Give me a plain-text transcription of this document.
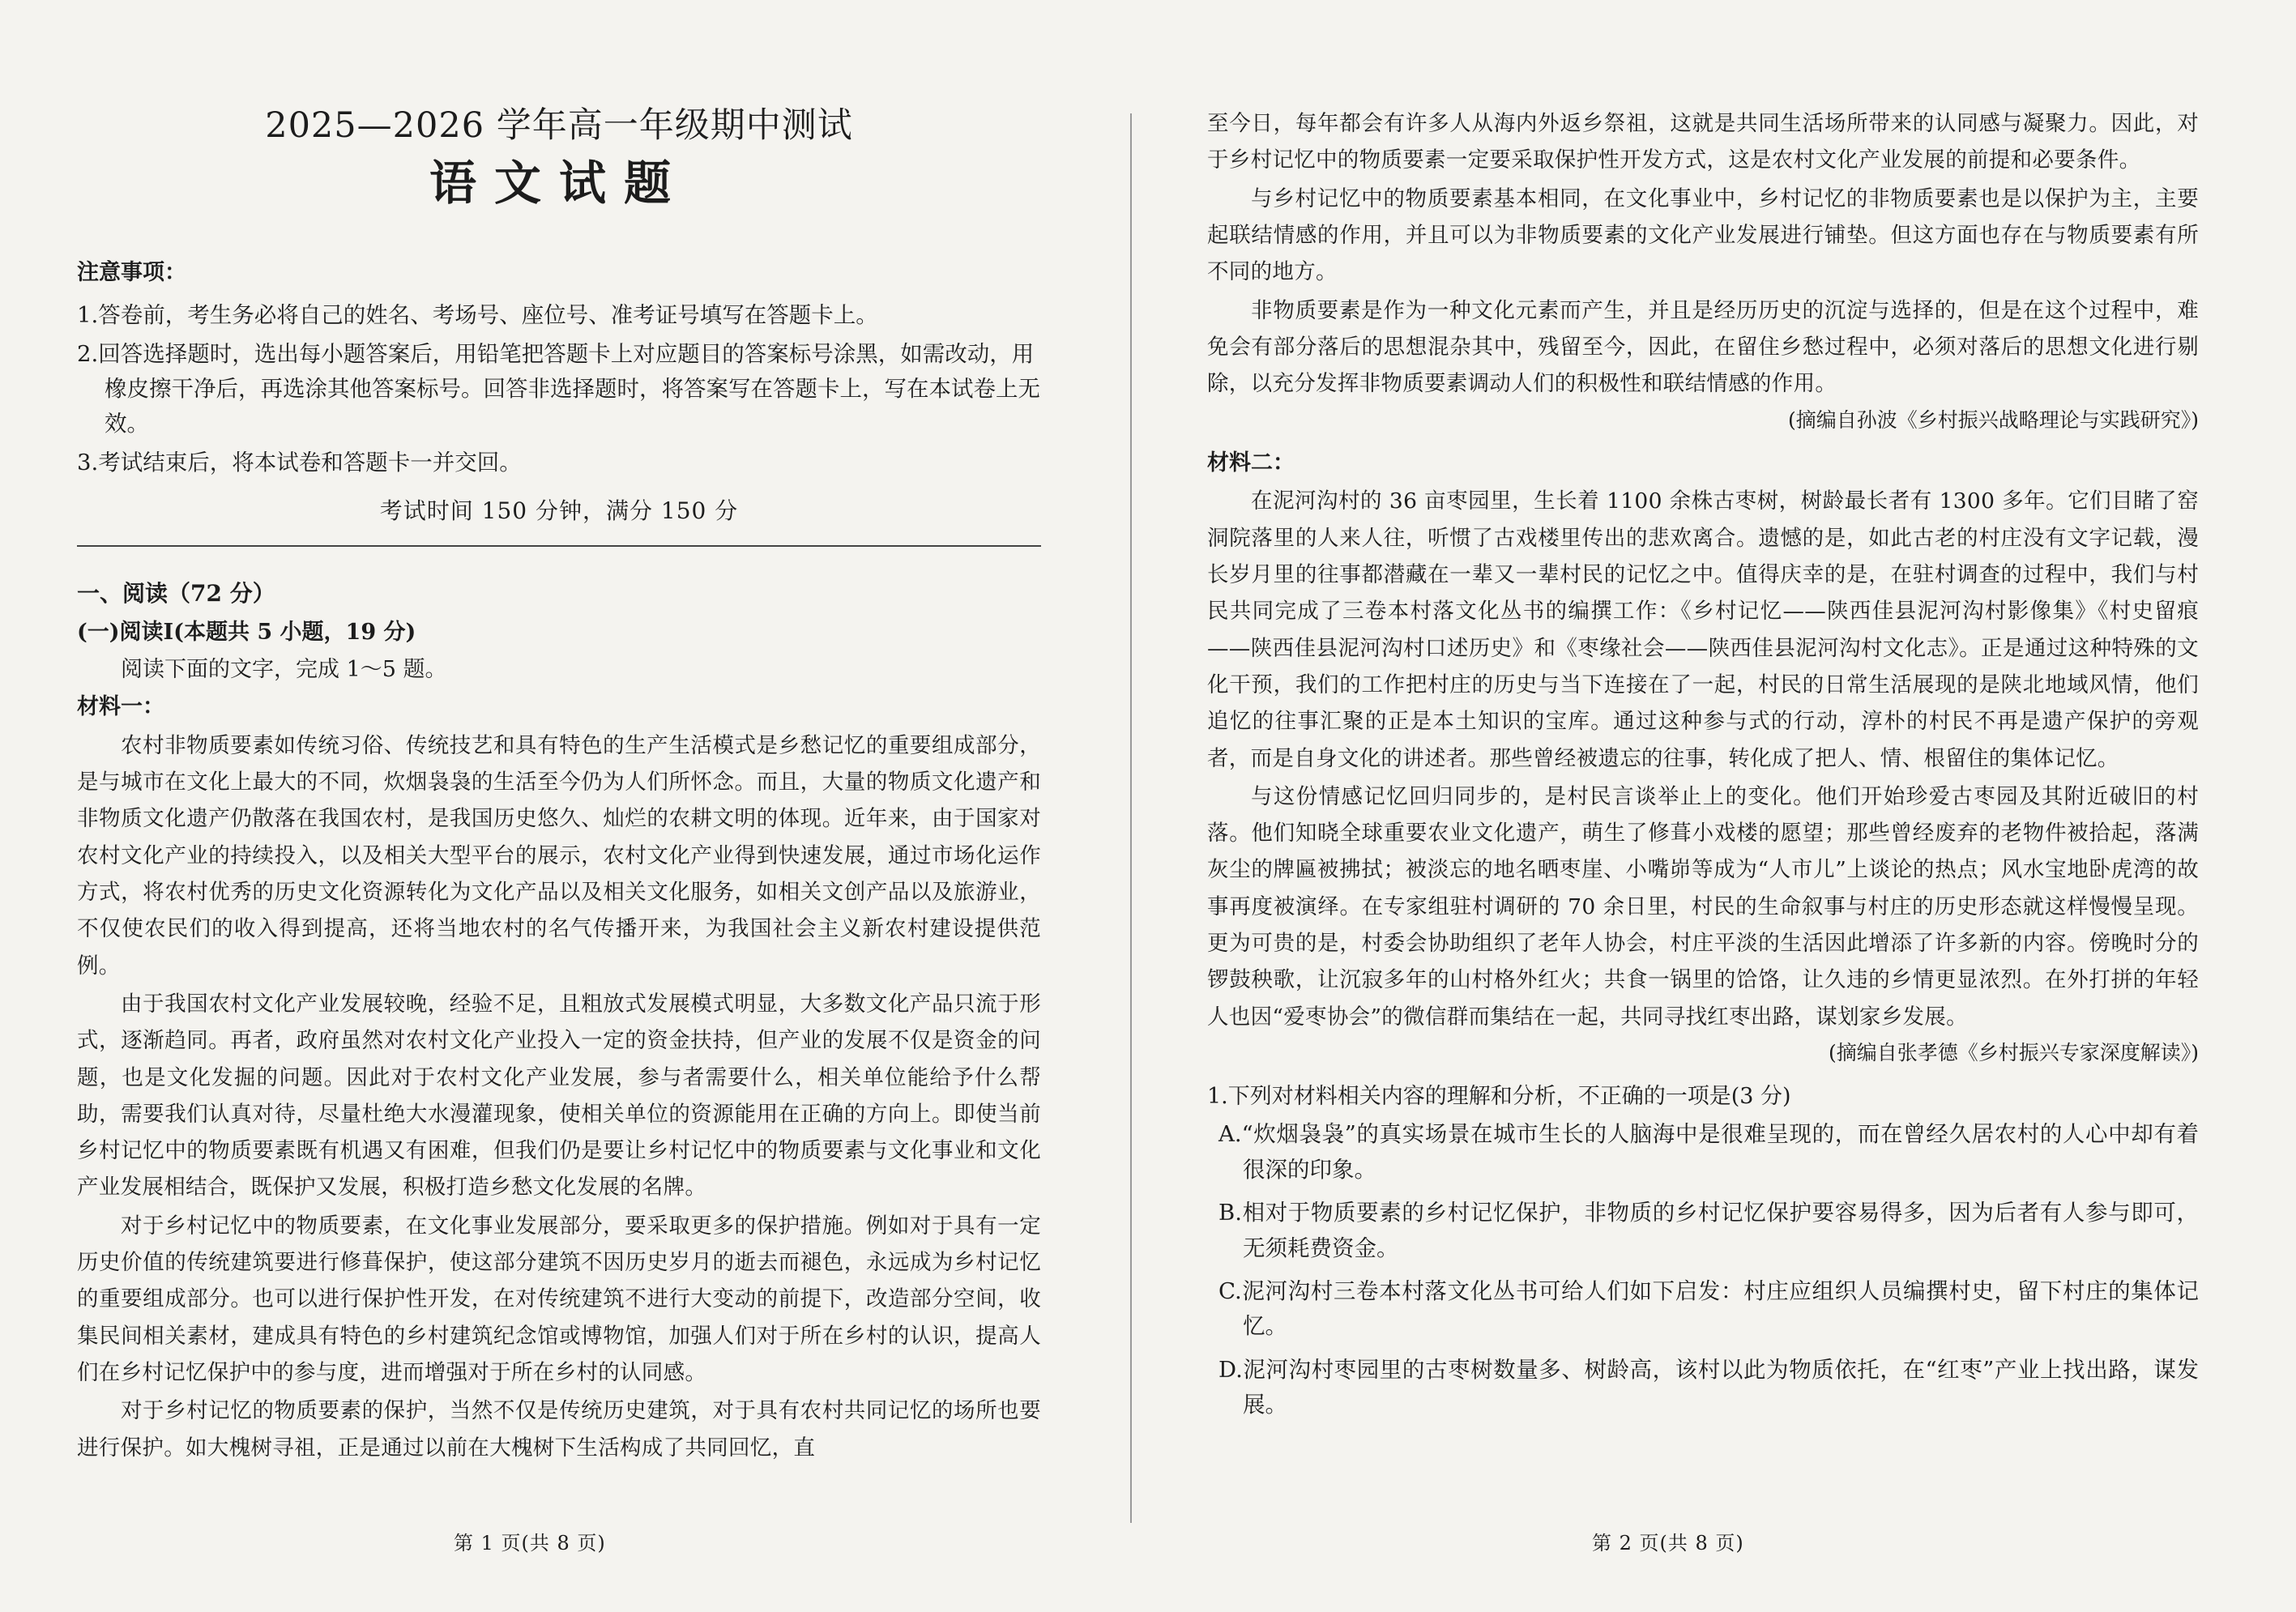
2025—2026 学年高一年级期中测试
语文试题
注意事项：
1.答卷前，考生务必将自己的姓名、考场号、座位号、准考证号填写在答题卡上。
2.回答选择题时，选出每小题答案后，用铅笔把答题卡上对应题目的答案标号涂黑，如需改动，用橡皮擦干净后，再选涂其他答案标号。回答非选择题时，将答案写在答题卡上，写在本试卷上无效。
3.考试结束后，将本试卷和答题卡一并交回。
考试时间 150 分钟，满分 150 分
一、阅读（72 分）
(一)阅读Ⅰ(本题共 5 小题，19 分)
阅读下面的文字，完成 1～5 题。
材料一：

农村非物质要素如传统习俗、传统技艺和具有特色的生产生活模式是乡愁记忆的重要组成部分，是与城市在文化上最大的不同，炊烟袅袅的生活至今仍为人们所怀念。而且，大量的物质文化遗产和非物质文化遗产仍散落在我国农村，是我国历史悠久、灿烂的农耕文明的体现。近年来，由于国家对农村文化产业的持续投入，以及相关大型平台的展示，农村文化产业得到快速发展，通过市场化运作方式，将农村优秀的历史文化资源转化为文化产品以及相关文化服务，如相关文创产品以及旅游业，不仅使农民们的收入得到提高，还将当地农村的名气传播开来，为我国社会主义新农村建设提供范例。

由于我国农村文化产业发展较晚，经验不足，且粗放式发展模式明显，大多数文化产品只流于形式，逐渐趋同。再者，政府虽然对农村文化产业投入一定的资金扶持，但产业的发展不仅是资金的问题，也是文化发掘的问题。因此对于农村文化产业发展，参与者需要什么，相关单位能给予什么帮助，需要我们认真对待，尽量杜绝大水漫灌现象，使相关单位的资源能用在正确的方向上。即使当前乡村记忆中的物质要素既有机遇又有困难，但我们仍是要让乡村记忆中的物质要素与文化事业和文化产业发展相结合，既保护又发展，积极打造乡愁文化发展的名牌。

对于乡村记忆中的物质要素，在文化事业发展部分，要采取更多的保护措施。例如对于具有一定历史价值的传统建筑要进行修葺保护，使这部分建筑不因历史岁月的逝去而褪色，永远成为乡村记忆的重要组成部分。也可以进行保护性开发，在对传统建筑不进行大变动的前提下，改造部分空间，收集民间相关素材，建成具有特色的乡村建筑纪念馆或博物馆，加强人们对于所在乡村的认识，提高人们在乡村记忆保护中的参与度，进而增强对于所在乡村的认同感。

对于乡村记忆的物质要素的保护，当然不仅是传统历史建筑，对于具有农村共同记忆的场所也要进行保护。如大槐树寻祖，正是通过以前在大槐树下生活构成了共同回忆，直

第 1 页(共 8 页)

至今日，每年都会有许多人从海内外返乡祭祖，这就是共同生活场所带来的认同感与凝聚力。因此，对于乡村记忆中的物质要素一定要采取保护性开发方式，这是农村文化产业发展的前提和必要条件。

与乡村记忆中的物质要素基本相同，在文化事业中，乡村记忆的非物质要素也是以保护为主，主要起联结情感的作用，并且可以为非物质要素的文化产业发展进行铺垫。但这方面也存在与物质要素有所不同的地方。

非物质要素是作为一种文化元素而产生，并且是经历历史的沉淀与选择的，但是在这个过程中，难免会有部分落后的思想混杂其中，残留至今，因此，在留住乡愁过程中，必须对落后的思想文化进行剔除，以充分发挥非物质要素调动人们的积极性和联结情感的作用。

(摘编自孙波《乡村振兴战略理论与实践研究》)
材料二：

在泥河沟村的 36 亩枣园里，生长着 1100 余株古枣树，树龄最长者有 1300 多年。它们目睹了窑洞院落里的人来人往，听惯了古戏楼里传出的悲欢离合。遗憾的是，如此古老的村庄没有文字记载，漫长岁月里的往事都潜藏在一辈又一辈村民的记忆之中。值得庆幸的是，在驻村调查的过程中，我们与村民共同完成了三卷本村落文化丛书的编撰工作：《乡村记忆——陕西佳县泥河沟村影像集》《村史留痕——陕西佳县泥河沟村口述历史》和《枣缘社会——陕西佳县泥河沟村文化志》。正是通过这种特殊的文化干预，我们的工作把村庄的历史与当下连接在了一起，村民的日常生活展现的是陕北地域风情，他们追忆的往事汇聚的正是本土知识的宝库。通过这种参与式的行动，淳朴的村民不再是遗产保护的旁观者，而是自身文化的讲述者。那些曾经被遗忘的往事，转化成了把人、情、根留住的集体记忆。

与这份情感记忆回归同步的，是村民言谈举止上的变化。他们开始珍爱古枣园及其附近破旧的村落。他们知晓全球重要农业文化遗产，萌生了修葺小戏楼的愿望；那些曾经废弃的老物件被拾起，落满灰尘的牌匾被拂拭；被淡忘的地名晒枣崖、小嘴峁等成为“人市儿”上谈论的热点；风水宝地卧虎湾的故事再度被演绎。在专家组驻村调研的 70 余日里，村民的生命叙事与村庄的历史形态就这样慢慢呈现。更为可贵的是，村委会协助组织了老年人协会，村庄平淡的生活因此增添了许多新的内容。傍晚时分的锣鼓秧歌，让沉寂多年的山村格外红火；共食一锅里的饸饹，让久违的乡情更显浓烈。在外打拼的年轻人也因“爱枣协会”的微信群而集结在一起，共同寻找红枣出路，谋划家乡发展。

(摘编自张孝德《乡村振兴专家深度解读》)
1.下列对材料相关内容的理解和分析，不正确的一项是(3 分)
A.“炊烟袅袅”的真实场景在城市生长的人脑海中是很难呈现的，而在曾经久居农村的人心中却有着很深的印象。
B.相对于物质要素的乡村记忆保护，非物质的乡村记忆保护要容易得多，因为后者有人参与即可，无须耗费资金。
C.泥河沟村三卷本村落文化丛书可给人们如下启发：村庄应组织人员编撰村史，留下村庄的集体记忆。
D.泥河沟村枣园里的古枣树数量多、树龄高，该村以此为物质依托，在“红枣”产业上找出路，谋发展。
第 2 页(共 8 页)
